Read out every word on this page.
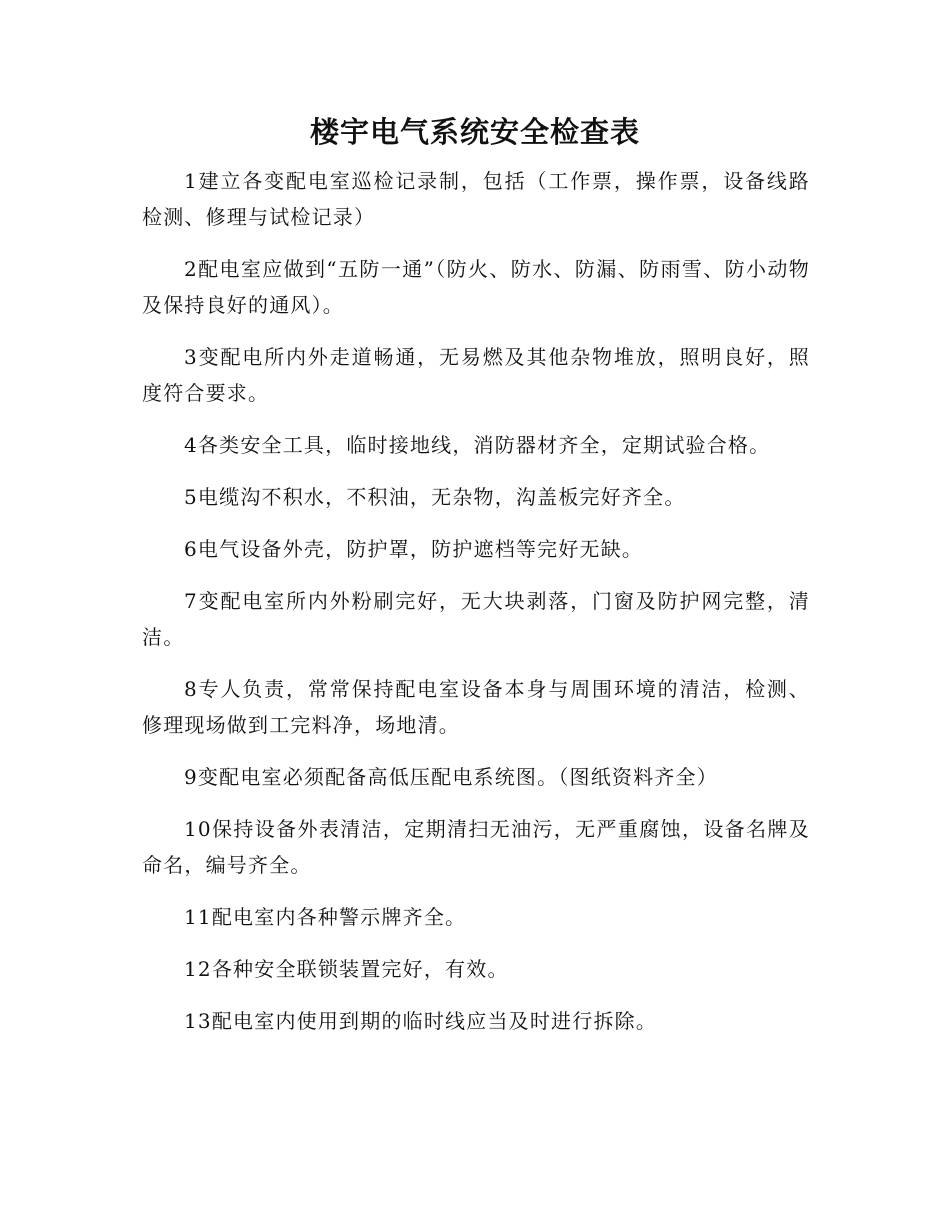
楼宇电气系统安全检查表

1建立各变配电室巡检记录制，包括（工作票，操作票，设备线路检测、修理与试检记录）

2配电室应做到“五防一通”（防火、防水、防漏、防雨雪、防小动物及保持良好的通风）。

3变配电所内外走道畅通，无易燃及其他杂物堆放，照明良好，照度符合要求。

4各类安全工具，临时接地线，消防器材齐全，定期试验合格。

5电缆沟不积水，不积油，无杂物，沟盖板完好齐全。

6电气设备外壳，防护罩，防护遮档等完好无缺。

7变配电室所内外粉刷完好，无大块剥落，门窗及防护网完整，清洁。

8专人负责，常常保持配电室设备本身与周围环境的清洁，检测、修理现场做到工完料净，场地清。

9变配电室必须配备高低压配电系统图。（图纸资料齐全）

10保持设备外表清洁，定期清扫无油污，无严重腐蚀，设备名牌及命名，编号齐全。

11配电室内各种警示牌齐全。

12各种安全联锁装置完好，有效。

13配电室内使用到期的临时线应当及时进行拆除。
